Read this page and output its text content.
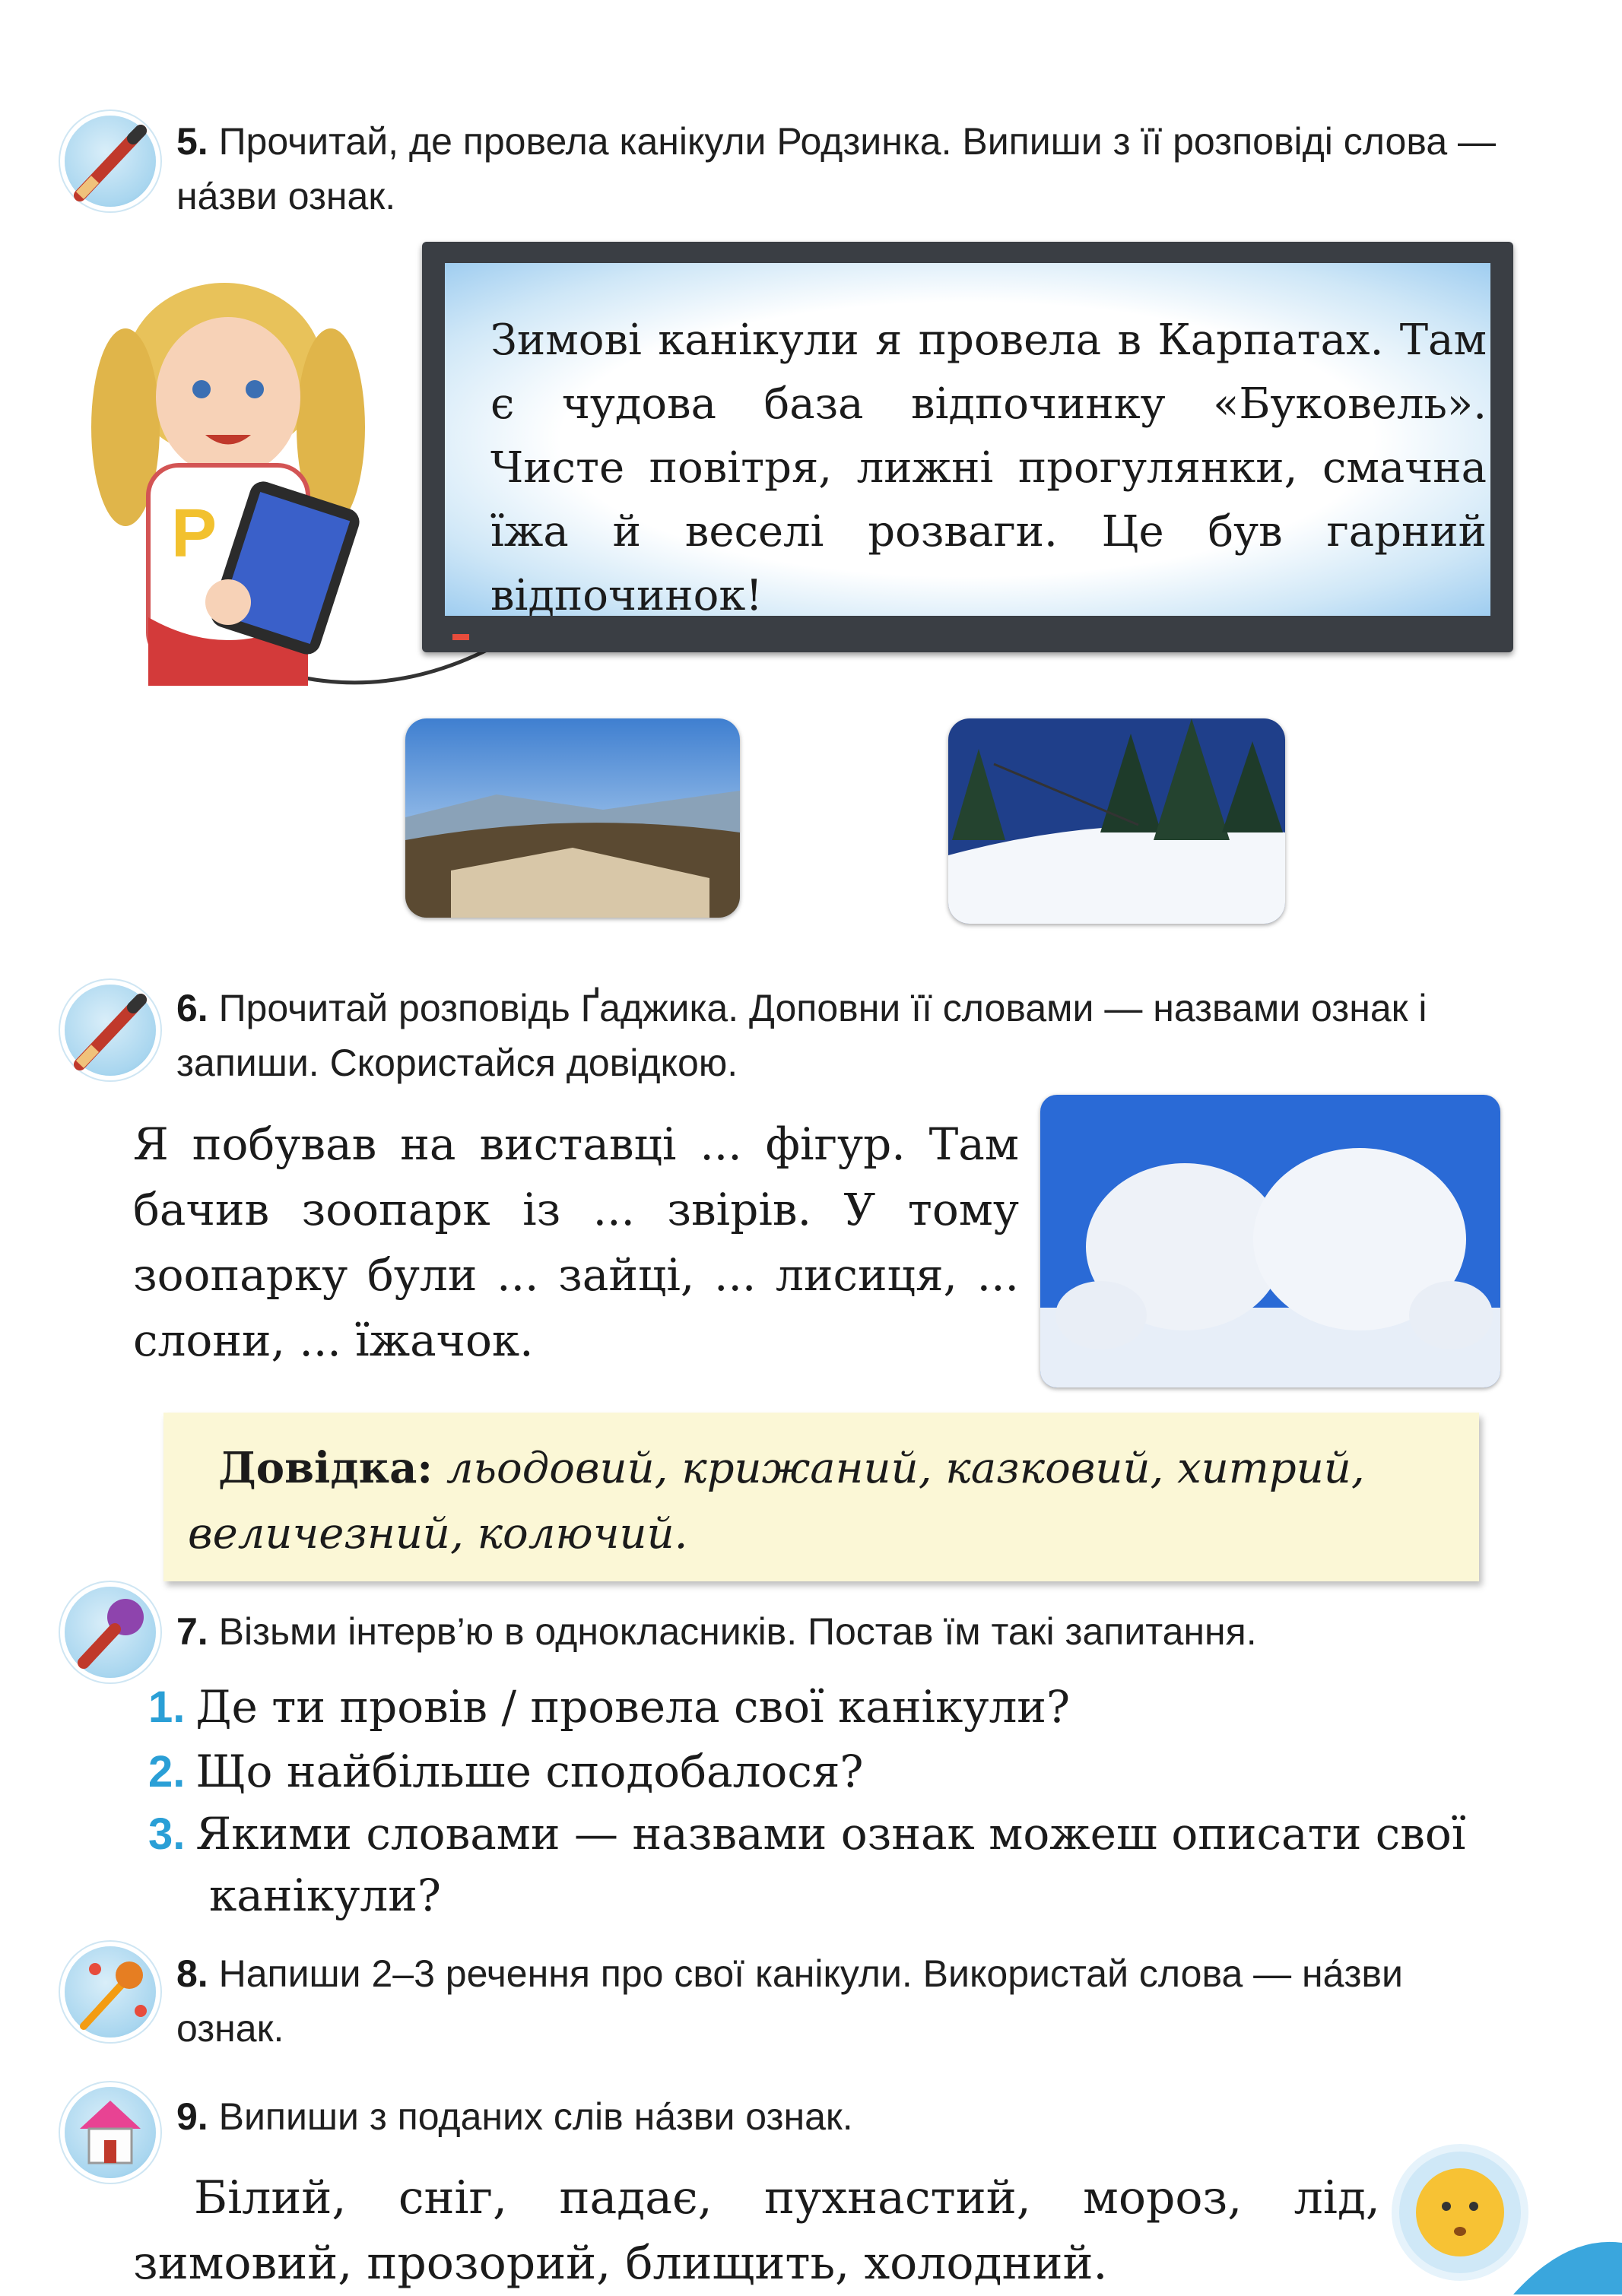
5. Прочитай, де провела канікули Родзинка. Випиши з її розповіді слова — на́зви ознак.
P
Зимові канікули я провела в Карпатах. Там є чудова база відпочинку «Буковель». Чисте повітря, лижні прогулянки, смачна їжа й веселі розваги. Це був гарний відпочинок!
6. Прочитай розповідь Ґаджика. Доповни її словами — назвами ознак і запиши. Скористайся довідкою.
Я побував на виставці ... фігур. Там бачив зоопарк із ... звірів. У тому зоопарку були ... зайці, ... лисиця, ... слони, ... їжачок.
Довідка: льодовий, крижаний, казковий, хитрий, величезний, колючий.
7. Візьми інтерв’ю в однокласників. Постав їм такі запитання.
1. Де ти провів / провела свої канікули?
2. Що найбільше сподобалося?
3. Якими словами — назвами ознак можеш описати свої канікули?
8. Напиши 2–3 речення про свої канікули. Використай слова — на́зви ознак.
9. Випиши з поданих слів на́зви ознак.
Білий, сніг, падає, пухнастий, мороз, лід, зимовий, прозорий, блищить, холодний.
